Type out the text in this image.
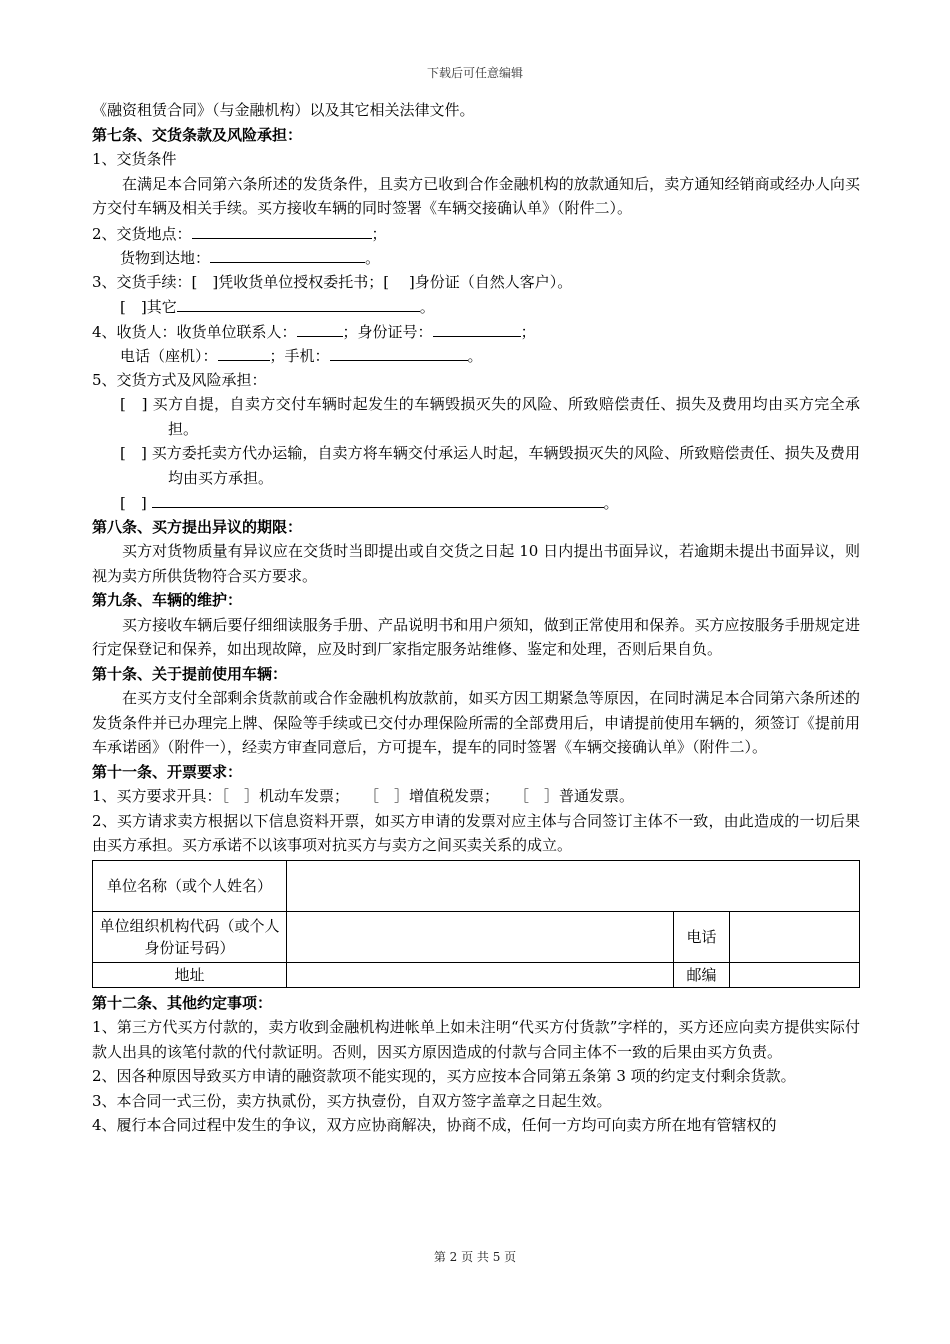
下载后可任意编辑
《融资租赁合同》（与金融机构）以及其它相关法律文件。
第七条、交货条款及风险承担：
1、交货条件
在满足本合同第六条所述的发货条件，且卖方已收到合作金融机构的放款通知后，卖方通知经销商或经办人向买方交付车辆及相关手续。买方接收车辆的同时签署《车辆交接确认单》（附件二）。
2、交货地点：	；
货物到达地：	。
3、交货手续：[　]凭收货单位授权委托书；[　 ]身份证（自然人客户）。
[　]其它	。
4、收货人：收货单位联系人：	；身份证号：	；
电话（座机）：	；手机：	。
5、交货方式及风险承担：
[　] 买方自提，自卖方交付车辆时起发生的车辆毁损灭失的风险、所致赔偿责任、损失及费用均由买方完全承担。
[　] 买方委托卖方代办运输，自卖方将车辆交付承运人时起，车辆毁损灭失的风险、所致赔偿责任、损失及费用均由买方承担。
[　]	。
第八条、买方提出异议的期限：
买方对货物质量有异议应在交货时当即提出或自交货之日起 10 日内提出书面异议，若逾期未提出书面异议，则视为卖方所供货物符合买方要求。
第九条、车辆的维护：
买方接收车辆后要仔细细读服务手册、产品说明书和用户须知，做到正常使用和保养。买方应按服务手册规定进行定保登记和保养，如出现故障，应及时到厂家指定服务站维修、鉴定和处理，否则后果自负。
第十条、关于提前使用车辆：
在买方支付全部剩余货款前或合作金融机构放款前，如买方因工期紧急等原因，在同时满足本合同第六条所述的发货条件并已办理完上牌、保险等手续或已交付办理保险所需的全部费用后，申请提前使用车辆的，须签订《提前用车承诺函》（附件一），经卖方审查同意后，方可提车，提车的同时签署《车辆交接确认单》（附件二）。
第十一条、开票要求：
1、买方要求开具：［　］机动车发票；　　［　］增值税发票；　　［　］普通发票。
2、买方请求卖方根据以下信息资料开票，如买方申请的发票对应主体与合同签订主体不一致，由此造成的一切后果由买方承担。买方承诺不以该事项对抗买方与卖方之间买卖关系的成立。
单位名称（或个人姓名）			
单位组织机构代码（或个人身份证号码）		电话	
地址		邮编	
第十二条、其他约定事项：
1、第三方代买方付款的，卖方收到金融机构进帐单上如未注明“代买方付货款”字样的，买方还应向卖方提供实际付款人出具的该笔付款的代付款证明。否则，因买方原因造成的付款与合同主体不一致的后果由买方负责。
2、因各种原因导致买方申请的融资款项不能实现的，买方应按本合同第五条第 3 项的约定支付剩余货款。
3、本合同一式三份，卖方执贰份，买方执壹份，自双方签字盖章之日起生效。
4、履行本合同过程中发生的争议，双方应协商解决，协商不成，任何一方均可向卖方所在地有管辖权的
第 2 页 共 5 页
